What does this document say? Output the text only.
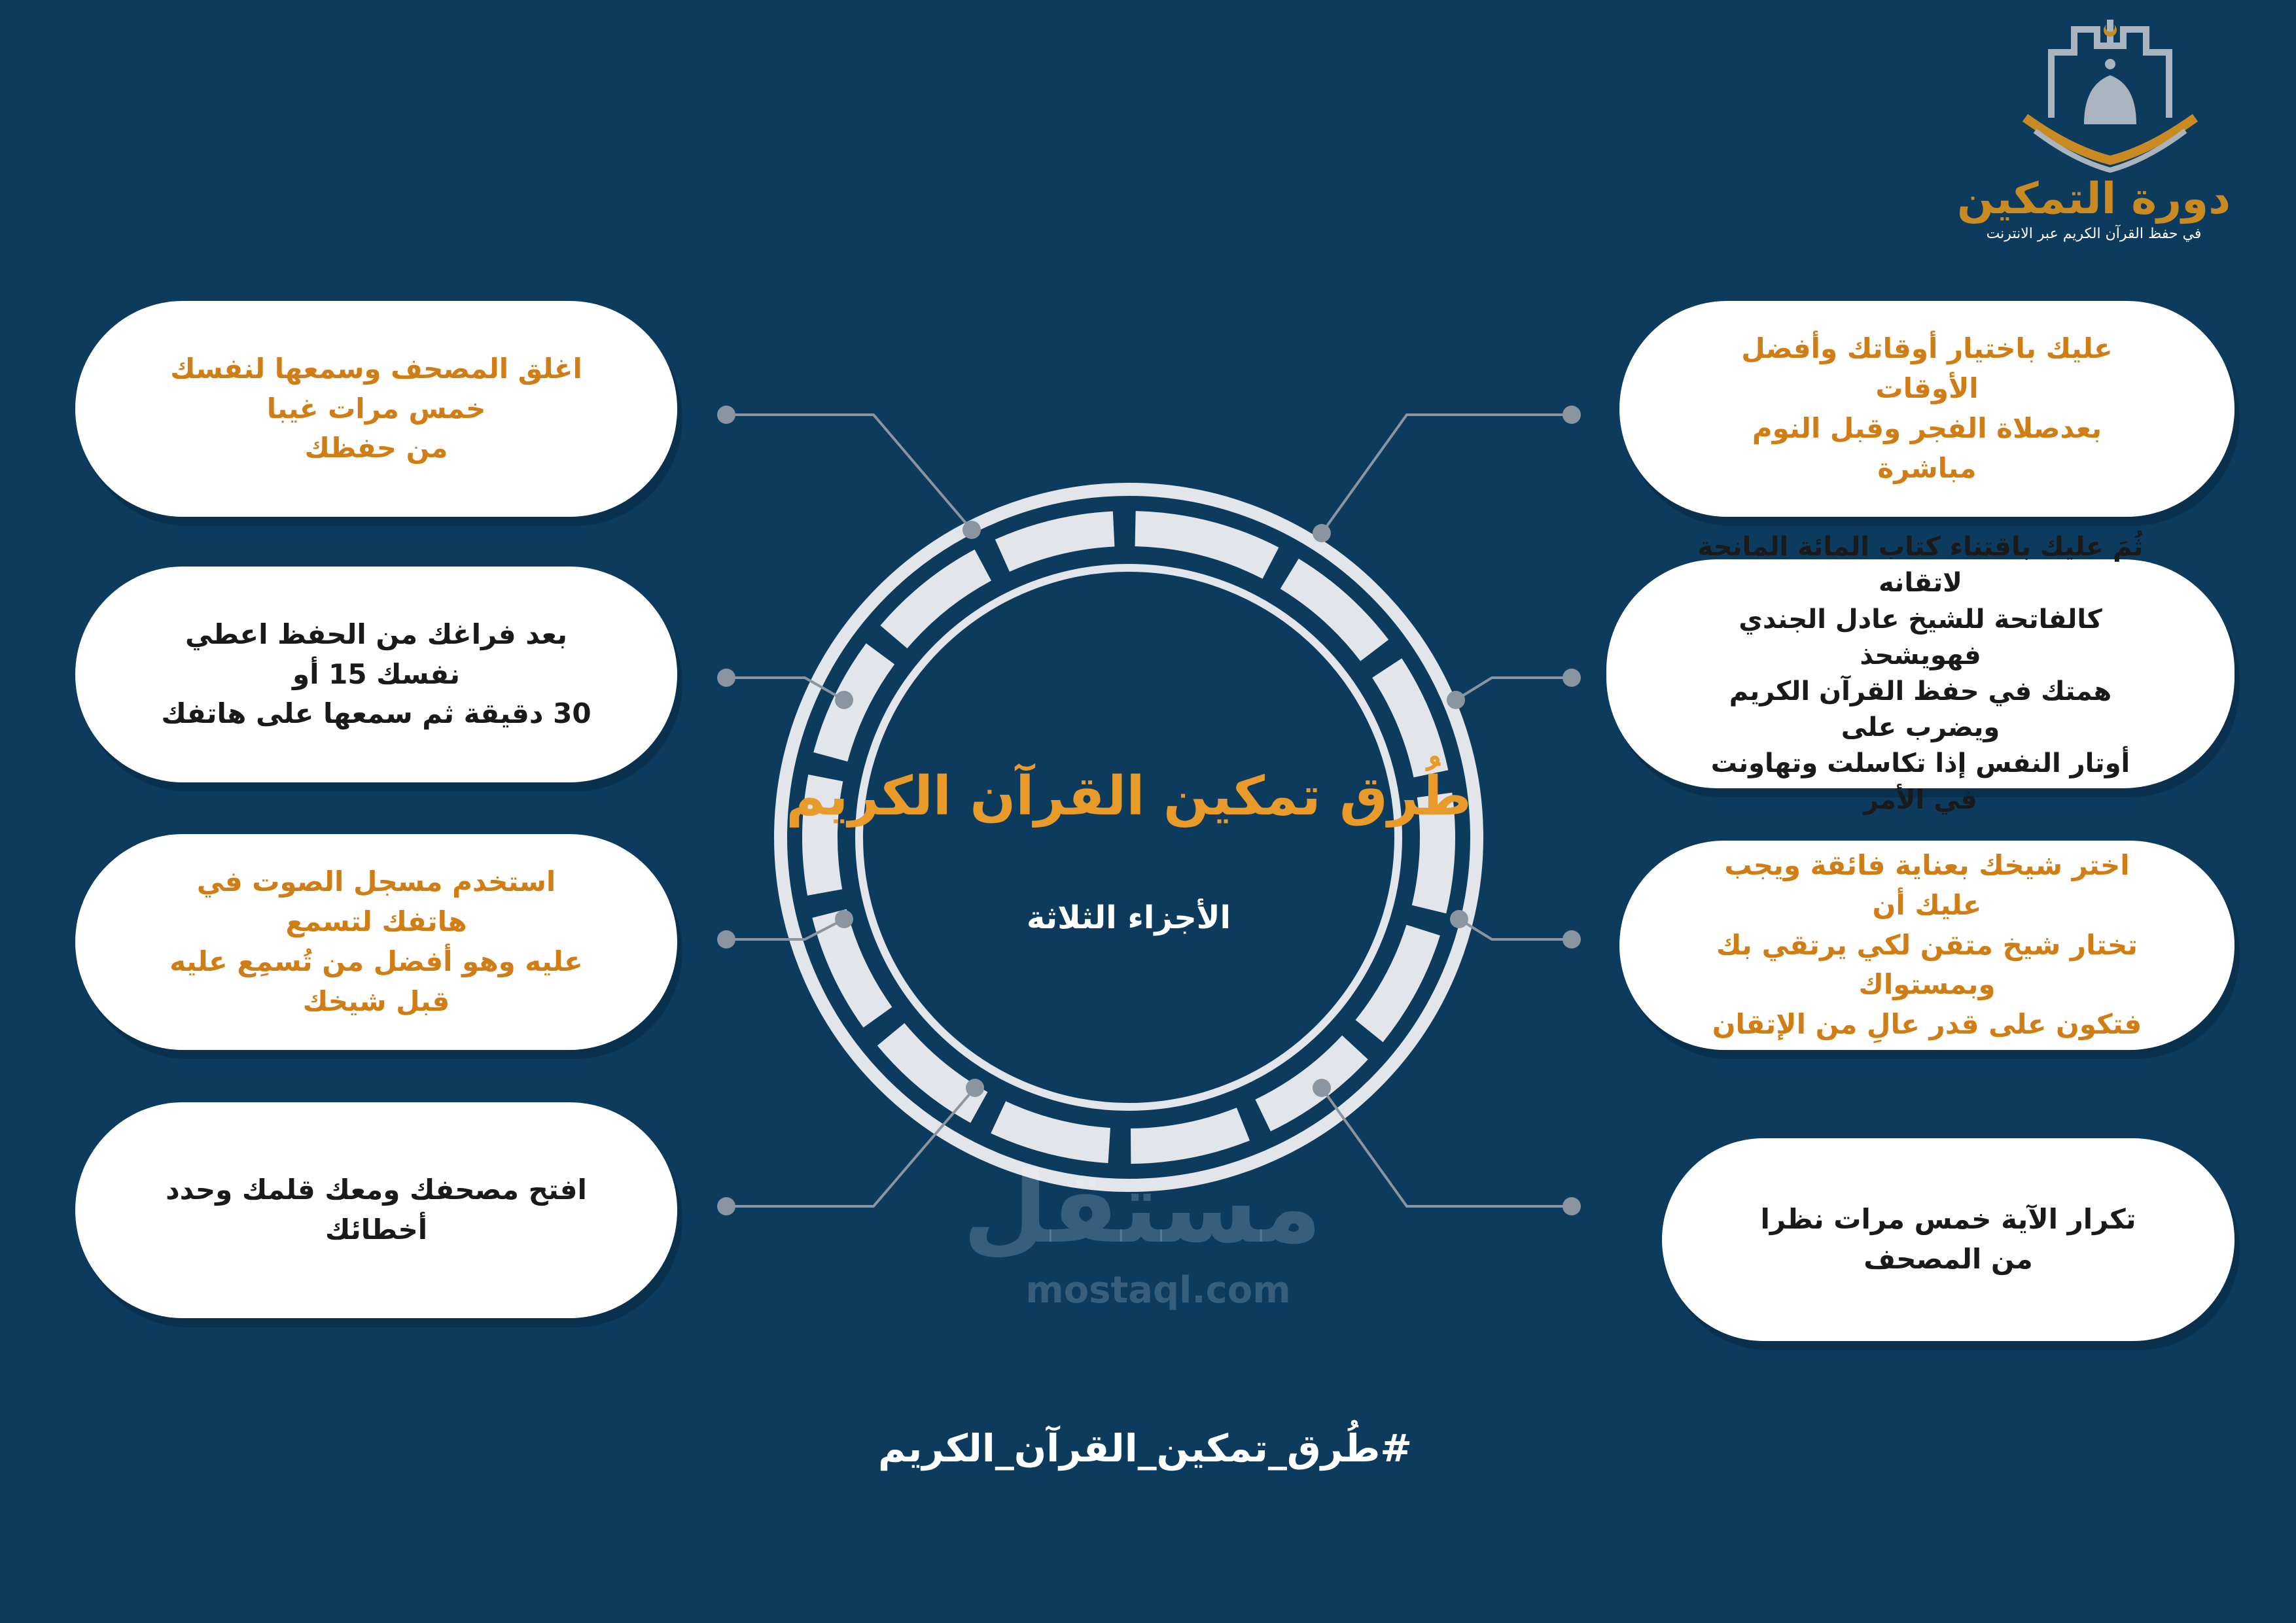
اغلق المصحف وسمعها لنفسك خمس مرات غيبا
من حفظك
بعد فراغك من الحفظ اعطي نفسك 15 أو
30 دقيقة ثم سمعها على هاتفك
استخدم مسجل الصوت في هاتفك لتسمع
عليه وهو أفضل من تُسمِع عليه قبل شيخك
افتح مصحفك ومعك قلمك وحدد أخطائك
عليك باختيار أوقاتك وأفضل الأوقات
بعدصلاة الفجر وقبل النوم مباشرة
ثُمَ عليك باقتناء كتاب المائة المانحة لاتقانه
كالفاتحة للشيخ عادل الجندي فهويشحذ
همتك في حفظ القرآن الكريم ويضرب على
أوتار النفس إذا تكاسلت وتهاونت في الأمر
اختر شيخك بعناية فائقة ويجب عليك أن
تختار شيخ متقن لكي يرتقي بك وبمستواك
فتكون على قدر عالِ من الإتقان
تكرار الآية خمس مرات نظرا من المصحف
طُرق تمكين القرآن الكريم
الأجزاء الثلاثة
دورة التمكين
في حفظ القرآن الكريم عبر الانترنت
مستقل
mostaql.com
#طُرق_تمكين_القرآن_الكريم
